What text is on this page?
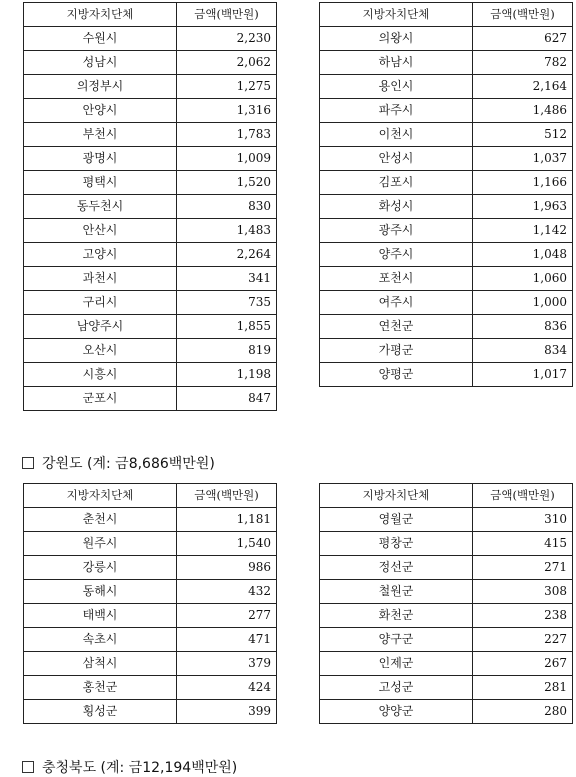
지방자치단체	금액(백만원)
수원시	2,230
성남시	2,062
의정부시	1,275
안양시	1,316
부천시	1,783
광명시	1,009
평택시	1,520
동두천시	830
안산시	1,483
고양시	2,264
과천시	341
구리시	735
남양주시	1,855
오산시	819
시흥시	1,198
군포시	847
지방자치단체	금액(백만원)
의왕시	627
하남시	782
용인시	2,164
파주시	1,486
이천시	512
안성시	1,037
김포시	1,166
화성시	1,963
광주시	1,142
양주시	1,048
포천시	1,060
여주시	1,000
연천군	836
가평군	834
양평군	1,017
강원도 (계: 금8,686백만원)
지방자치단체	금액(백만원)
춘천시	1,181
원주시	1,540
강릉시	986
동해시	432
태백시	277
속초시	471
삼척시	379
홍천군	424
횡성군	399
지방자치단체	금액(백만원)
영월군	310
평창군	415
정선군	271
철원군	308
화천군	238
양구군	227
인제군	267
고성군	281
양양군	280
충청북도 (계: 금12,194백만원)
